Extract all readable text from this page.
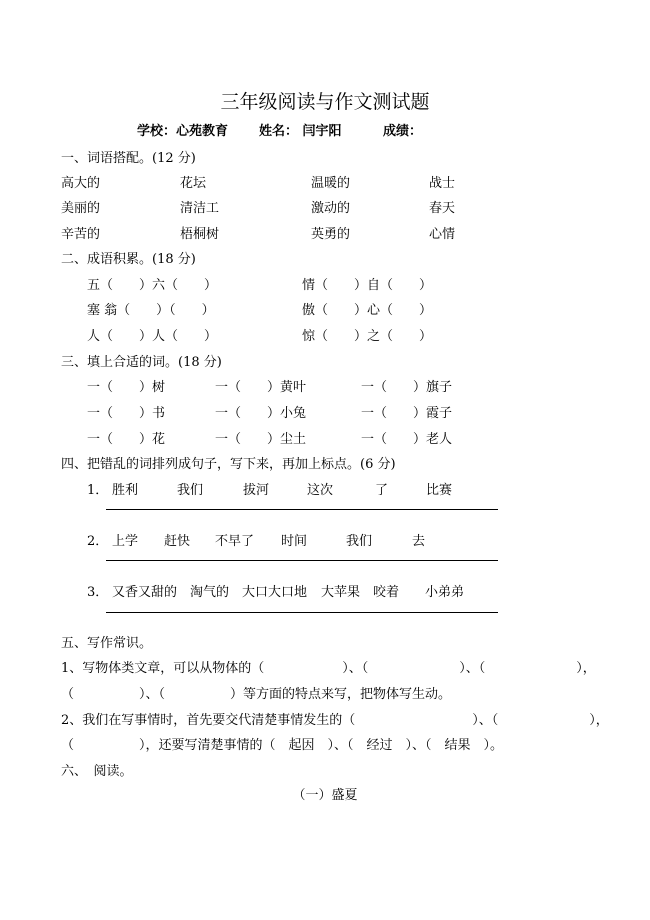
三年级阅读与作文测试题
学校：心苑教育 姓名： 闫宇阳	成绩：
一、词语搭配。(12 分)
高大的	花坛	温暖的	战士
美丽的	清洁工	激动的	春天
辛苦的	梧桐树	英勇的	心情
二、成语积累。(18 分)
五（　　）六（　　）	情（　　）自（　　）
塞 翁（　　）（　　）	傲（　　）心（　　）
人（　　）人（　　）	惊（　　）之（　　）
三、填上合适的词。(18 分)
一（　　）树	一（　　）黄叶	一（　　）旗子
一（　　）书	一（　　）小兔	一（　　）霞子
一（　　）花	一（　　）尘土	一（　　）老人
四、把错乱的词排列成句子，写下来，再加上标点。(6 分)
1． 胜利	我们	拔河	这次	了	比赛
2． 上学 赶快 不早了 时间	我们	去
3． 又香又甜的 淘气的 大口大口地 大苹果 咬着 小弟弟
五、写作常识。
1、写物体类文章，可以从物体的（　　　　　　）、（　　　　　　　）、（　　　　　　　），
（　　　　　）、（　　　　　）等方面的特点来写，把物体写生动。
2、我们在写事情时，首先要交代清楚事情发生的（　　　　　　　　　）、（　　　　　　　），
（　　　　　），还要写清楚事情的（　起因　）、（　经过　）、（　结果　）。
六、　阅读。
（一）盛夏
